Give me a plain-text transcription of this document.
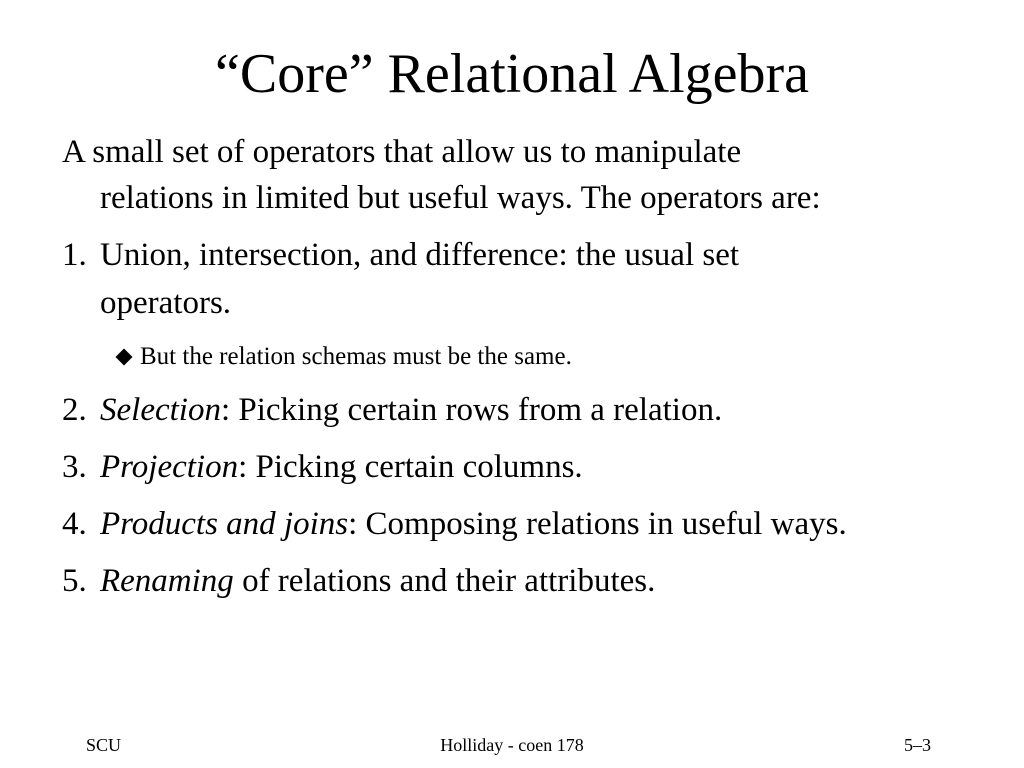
“Core” Relational Algebra
A small set of operators that allow us to manipulate
relations in limited but useful ways. The operators are:
1. Union, intersection, and difference: the usual set
operators.
But the relation schemas must be the same.
2. Selection: Picking certain rows from a relation.
3. Projection: Picking certain columns.
4. Products and joins: Composing relations in useful ways.
5. Renaming of relations and their attributes.
SCU	Holliday - coen 178	5–3
